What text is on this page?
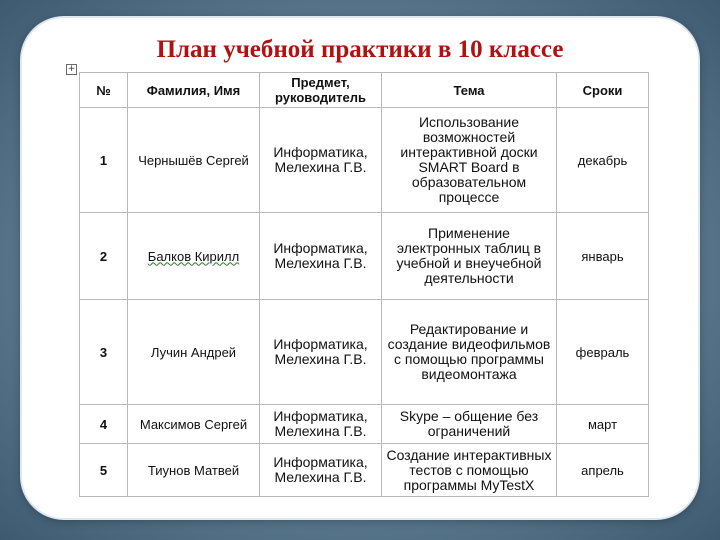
План учебной практики в 10 классе
+
№	Фамилия, Имя	Предмет, руководитель	Тема	Сроки
1	Чернышёв Сергей	Информатика, Мелехина Г.В.	Использование возможностей интерактивной доски SMART Board в образовательном процессе	декабрь
2	Балков Кирилл	Информатика, Мелехина Г.В.	Применение электронных таблиц в учебной и внеучебной деятельности	январь
3	Лучин Андрей	Информатика, Мелехина Г.В.	Редактирование и создание видеофильмов с помощью программы видеомонтажа	февраль
4	Максимов Сергей	Информатика, Мелехина Г.В.	Skype – общение без ограничений	март
5	Тиунов Матвей	Информатика, Мелехина Г.В.	Создание интерактивных тестов с помощью программы MyTestX	апрель
